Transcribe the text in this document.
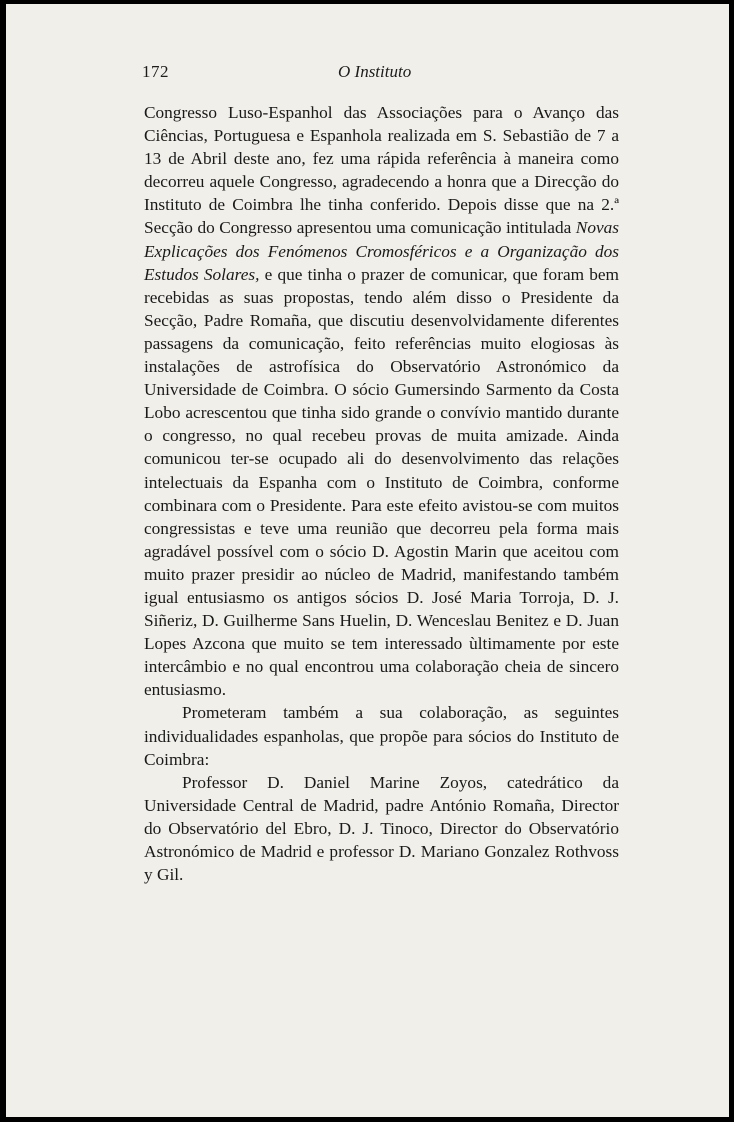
172	O Instituto

Congresso Luso-Espanhol das Associações para o Avanço das Ciências, Portuguesa e Espanhola realizada em S. Sebastião de 7 a 13 de Abril deste ano, fez uma rápida referência à maneira como decorreu aquele Congresso, agradecendo a honra que a Direcção do Instituto de Coimbra lhe tinha conferido. Depois disse que na 2.ª Secção do Congresso apresentou uma comunicação intitulada Novas Explicações dos Fenómenos Cromosféricos e a Organização dos Estudos Solares, e que tinha o prazer de comunicar, que foram bem recebidas as suas propostas, tendo além disso o Presidente da Secção, Padre Romaña, que discutiu desenvolvidamente diferentes passagens da comunicação, feito referências muito elogiosas às instalações de astrofísica do Observatório Astronómico da Universidade de Coimbra. O sócio Gumersindo Sarmento da Costa Lobo acrescentou que tinha sido grande o convívio mantido durante o congresso, no qual recebeu provas de muita amizade. Ainda comunicou ter-se ocupado ali do desenvolvimento das relações intelectuais da Espanha com o Instituto de Coimbra, conforme combinara com o Presidente. Para este efeito avistou-se com muitos congressistas e teve uma reunião que decorreu pela forma mais agradável possível com o sócio D. Agostin Marin que aceitou com muito prazer presidir ao núcleo de Madrid, manifestando também igual entusiasmo os antigos sócios D. José Maria Torroja, D. J. Siñeriz, D. Guilherme Sans Huelin, D. Wenceslau Benitez e D. Juan Lopes Azcona que muito se tem interessado ùltimamente por este intercâmbio e no qual encontrou uma colaboração cheia de sincero entusiasmo.

Prometeram também a sua colaboração, as seguintes individualidades espanholas, que propõe para sócios do Instituto de Coimbra:

Professor D. Daniel Marine Zoyos, catedrático da Universidade Central de Madrid, padre António Romaña, Director do Observatório del Ebro, D. J. Tinoco, Director do Observatório Astronómico de Madrid e professor D. Mariano Gonzalez Rothvoss y Gil.
